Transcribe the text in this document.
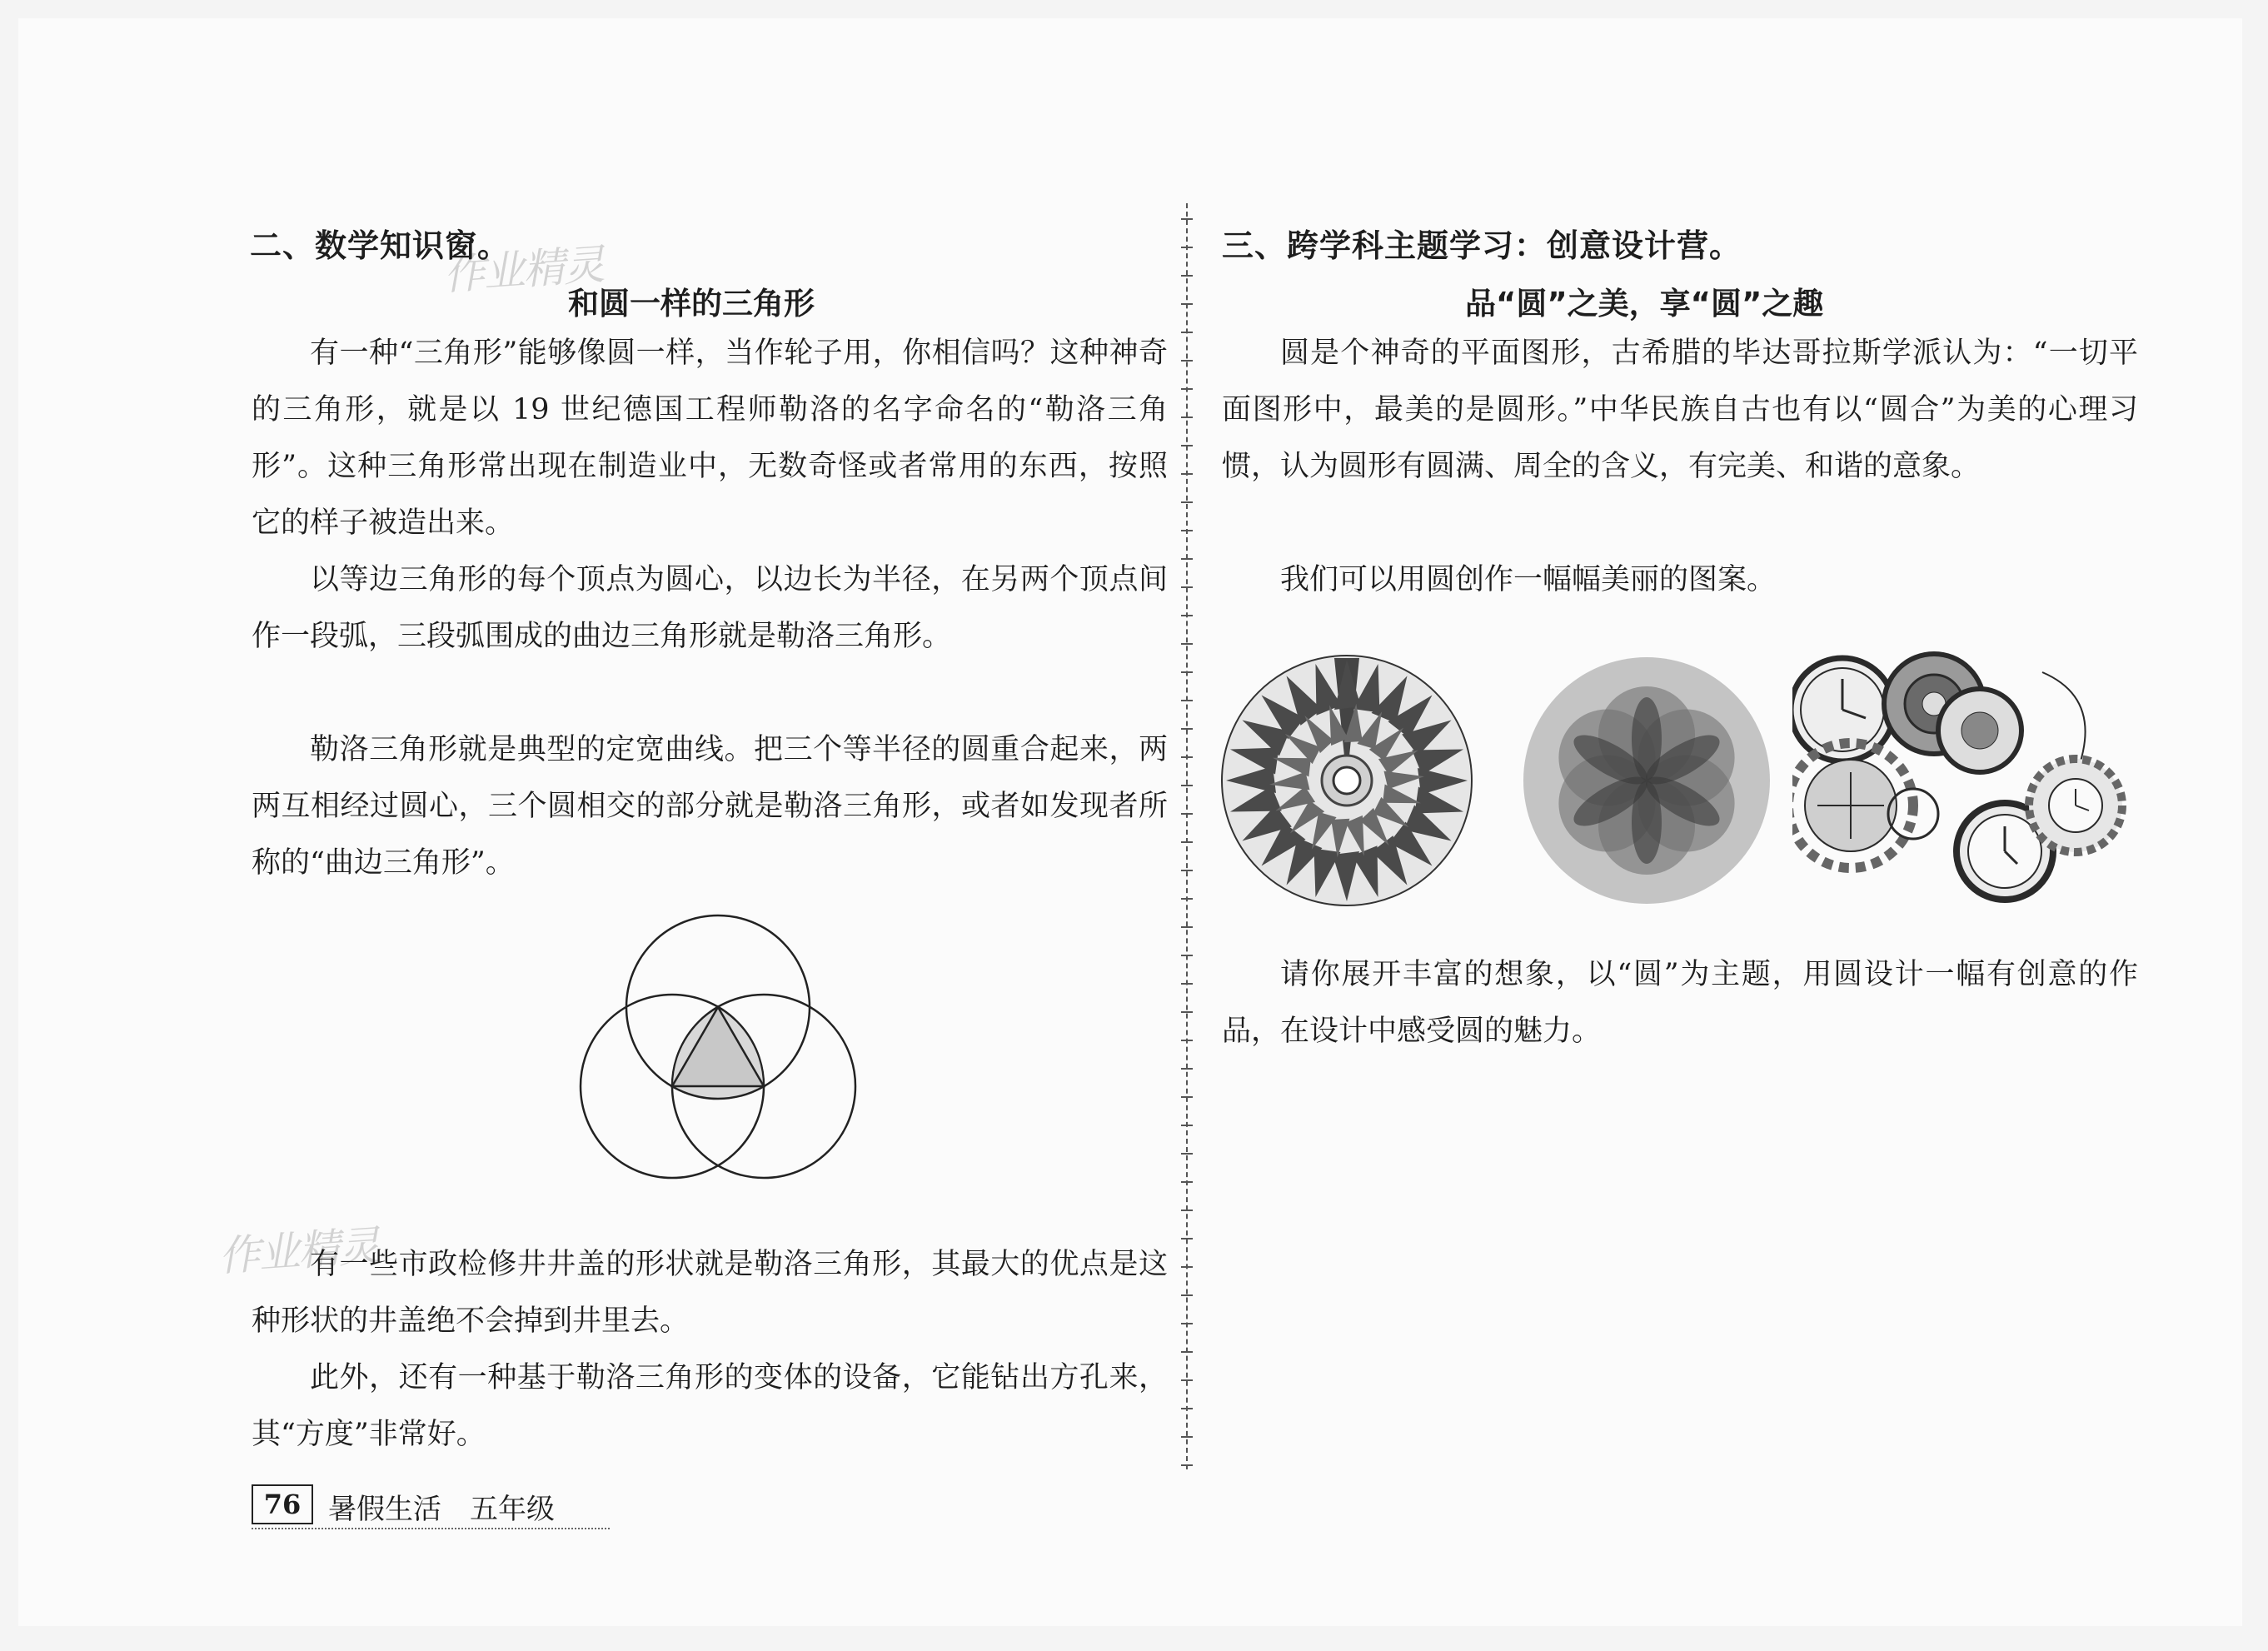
作业精灵
作业精灵
二、数学知识窗。
和圆一样的三角形

有一种“三角形”能够像圆一样，当作轮子用，你相信吗？这种神奇的三角形，就是以 19 世纪德国工程师勒洛的名字命名的“勒洛三角形”。这种三角形常出现在制造业中，无数奇怪或者常用的东西，按照它的样子被造出来。

以等边三角形的每个顶点为圆心，以边长为半径，在另两个顶点间作一段弧，三段弧围成的曲边三角形就是勒洛三角形。

勒洛三角形就是典型的定宽曲线。把三个等半径的圆重合起来，两两互相经过圆心，三个圆相交的部分就是勒洛三角形，或者如发现者所称的“曲边三角形”。

有一些市政检修井井盖的形状就是勒洛三角形，其最大的优点是这种形状的井盖绝不会掉到井里去。

此外，还有一种基于勒洛三角形的变体的设备，它能钻出方孔来，其“方度”非常好。

三、跨学科主题学习：创意设计营。
品“圆”之美，享“圆”之趣

圆是个神奇的平面图形，古希腊的毕达哥拉斯学派认为：“一切平面图形中，最美的是圆形。”中华民族自古也有以“圆合”为美的心理习惯，认为圆形有圆满、周全的含义，有完美、和谐的意象。

我们可以用圆创作一幅幅美丽的图案。

请你展开丰富的想象，以“圆”为主题，用圆设计一幅有创意的作品，在设计中感受圆的魅力。

76 暑假生活　五年级
